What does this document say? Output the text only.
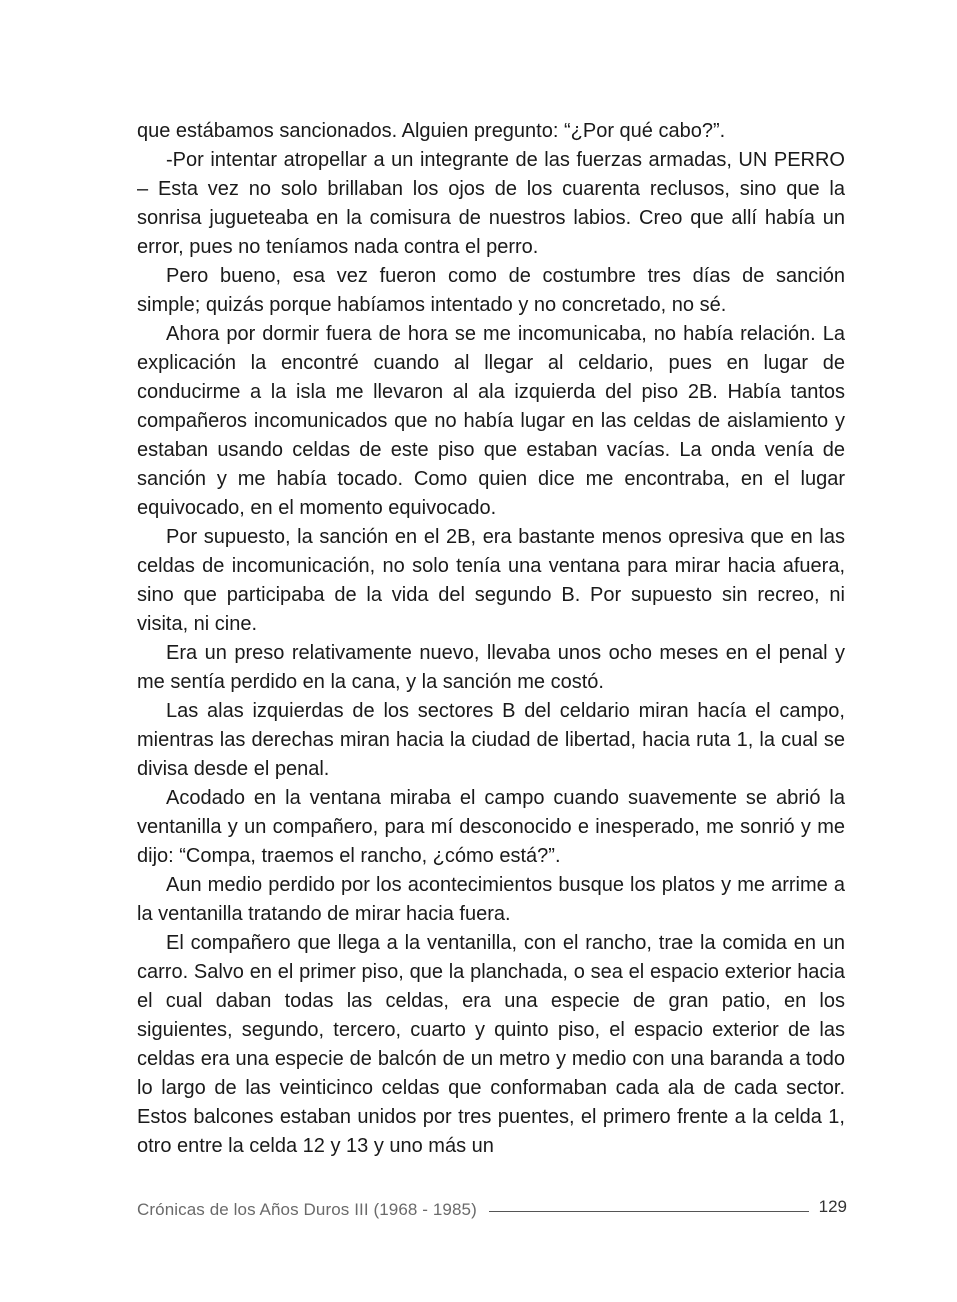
que estábamos sancionados. Alguien pregunto: “¿Por qué cabo?”.

-Por intentar atropellar a un integrante de las fuerzas armadas, UN PERRO – Esta vez no solo brillaban los ojos de los cuarenta reclusos, sino que la sonrisa jugueteaba en la comisura de nuestros labios. Creo que allí había un error, pues no teníamos nada contra el perro.

Pero bueno, esa vez fueron como de costumbre tres días de sanción simple; quizás porque habíamos intentado y no concretado, no sé.

Ahora por dormir fuera de hora se me incomunicaba, no había relación. La explicación la encontré cuando al llegar al celdario, pues en lugar de conducirme a la isla me llevaron al ala izquierda del piso 2B. Había tantos compañeros incomunicados que no había lugar en las celdas de aislamiento y estaban usando celdas de este piso que estaban vacías. La onda venía de sanción y me había tocado. Como quien dice me encontraba, en el lugar equivocado, en el momento equivocado.

Por supuesto, la sanción en el 2B, era bastante menos opresiva que en las celdas de incomunicación, no solo tenía una ventana para mirar hacia afuera, sino que participaba de la vida del segundo B. Por supuesto sin recreo, ni visita, ni cine.

Era un preso relativamente nuevo, llevaba unos ocho meses en el penal y me sentía perdido en la cana, y la sanción me costó.

Las alas izquierdas de los sectores B del celdario miran hacía el campo, mientras las derechas miran hacia la ciudad de libertad, hacia ruta 1, la cual se divisa desde el penal.

Acodado en la ventana miraba el campo cuando suavemente se abrió la ventanilla y un compañero, para mí desconocido e inesperado, me sonrió y me dijo: “Compa, traemos el rancho, ¿cómo está?”.

Aun medio perdido por los acontecimientos busque los platos y me arrime a la ventanilla tratando de mirar hacia fuera.

El compañero que llega a la ventanilla, con el rancho, trae la comida en un carro. Salvo en el primer piso, que la planchada, o sea el espacio exterior hacia el cual daban todas las celdas, era una especie de gran patio, en los siguientes, segundo, tercero, cuarto y quinto piso, el espacio exterior de las celdas era una especie de balcón de un metro y medio con una baranda a todo lo largo de las veinticinco celdas que conformaban cada ala de cada sector. Estos balcones estaban unidos por tres puentes, el primero frente a la celda 1, otro entre la celda 12 y 13 y uno más un

Crónicas de los Años Duros III (1968 - 1985)	129
